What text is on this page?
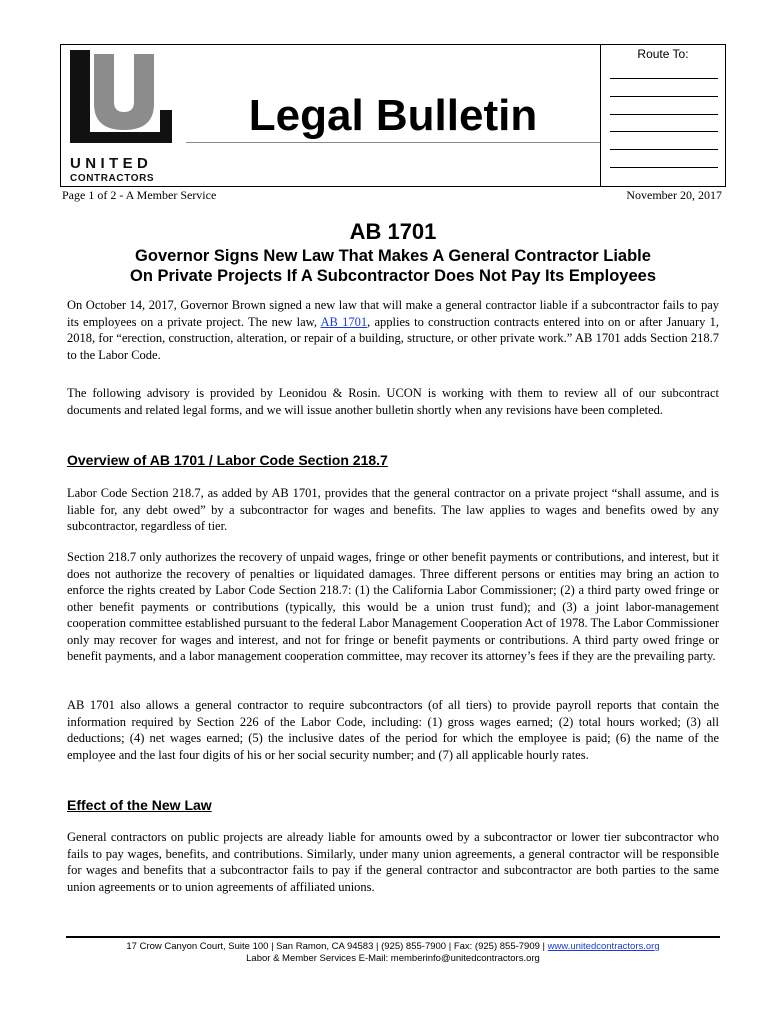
UNITED
CONTRACTORS
Legal Bulletin
Route To:
Page 1 of 2 - A Member Service	November 20, 2017
AB 1701
Governor Signs New Law That Makes A General Contractor Liable
On Private Projects If A Subcontractor Does Not Pay Its Employees

On October 14, 2017, Governor Brown signed a new law that will make a general contractor liable if a subcontractor fails to pay its employees on a private project. The new law, AB 1701, applies to construction contracts entered into on or after January 1, 2018, for “erection, construction, alteration, or repair of a building, structure, or other private work.” AB 1701 adds Section 218.7 to the Labor Code.

The following advisory is provided by Leonidou & Rosin. UCON is working with them to review all of our subcontract documents and related legal forms, and we will issue another bulletin shortly when any revisions have been completed.

Overview of AB 1701 / Labor Code Section 218.7

Labor Code Section 218.7, as added by AB 1701, provides that the general contractor on a private project “shall assume, and is liable for, any debt owed” by a subcontractor for wages and benefits. The law applies to wages and benefits owed by any subcontractor, regardless of tier.

Section 218.7 only authorizes the recovery of unpaid wages, fringe or other benefit payments or contributions, and interest, but it does not authorize the recovery of penalties or liquidated damages. Three different persons or entities may bring an action to enforce the rights created by Labor Code Section 218.7: (1) the California Labor Commissioner; (2) a third party owed fringe or other benefit payments or contributions (typically, this would be a union trust fund); and (3) a joint labor-management cooperation committee established pursuant to the federal Labor Management Cooperation Act of 1978. The Labor Commissioner only may recover for wages and interest, and not for fringe or benefit payments or contributions. A third party owed fringe or benefit payments, and a labor management cooperation committee, may recover its attorney’s fees if they are the prevailing party.

AB 1701 also allows a general contractor to require subcontractors (of all tiers) to provide payroll reports that contain the information required by Section 226 of the Labor Code, including: (1) gross wages earned; (2) total hours worked; (3) all deductions; (4) net wages earned; (5) the inclusive dates of the period for which the employee is paid; (6) the name of the employee and the last four digits of his or her social security number; and (7) all applicable hourly rates.

Effect of the New Law

General contractors on public projects are already liable for amounts owed by a subcontractor or lower tier subcontractor who fails to pay wages, benefits, and contributions. Similarly, under many union agreements, a general contractor will be responsible for wages and benefits that a subcontractor fails to pay if the general contractor and subcontractor are both parties to the same union agreements or to union agreements of affiliated unions.

17 Crow Canyon Court, Suite 100 | San Ramon, CA 94583 | (925) 855-7900 | Fax: (925) 855-7909 | www.unitedcontractors.org
Labor & Member Services E-Mail: memberinfo@unitedcontractors.org
